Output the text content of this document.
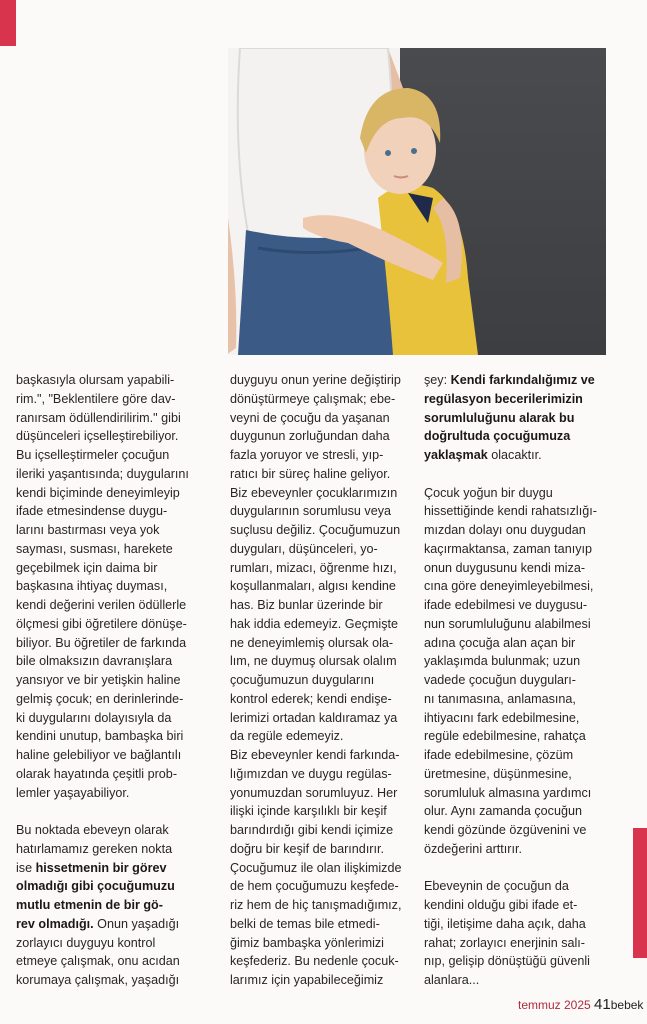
başkasıyla olursam yapabili-
rim.", "Beklentilere göre dav-
ranırsam ödüllendirilirim." gibi
düşünceleri içselleştirebiliyor.
Bu içselleştirmeler çocuğun
ileriki yaşantısında; duygularını
kendi biçiminde deneyimleyip
ifade etmesindense duygu-
larını bastırması veya yok
sayması, susması, harekete
geçebilmek için daima bir
başkasına ihtiyaç duyması,
kendi değerini verilen ödüllerle
ölçmesi gibi öğretilere dönüşe-
biliyor. Bu öğretiler de farkında
bile olmaksızın davranışlara
yansıyor ve bir yetişkin haline
gelmiş çocuk; en derinlerinde-
ki duygularını dolayısıyla da
kendini unutup, bambaşka biri
haline gelebiliyor ve bağlantılı
olarak hayatında çeşitli prob-
lemler yaşayabiliyor.
Bu noktada ebeveyn olarak
hatırlamamız gereken nokta
ise hissetmenin bir görev
olmadığı gibi çocuğumuzu
mutlu etmenin de bir gö-
rev olmadığı. Onun yaşadığı
zorlayıcı duyguyu kontrol
etmeye çalışmak, onu acıdan
korumaya çalışmak, yaşadığı
duyguyu onun yerine değiştirip
dönüştürmeye çalışmak; ebe-
veyni de çocuğu da yaşanan
duygunun zorluğundan daha
fazla yoruyor ve stresli, yıp-
ratıcı bir süreç haline geliyor.
Biz ebeveynler çocuklarımızın
duygularının sorumlusu veya
suçlusu değiliz. Çocuğumuzun
duyguları, düşünceleri, yo-
rumları, mizacı, öğrenme hızı,
koşullanmaları, algısı kendine
has. Biz bunlar üzerinde bir
hak iddia edemeyiz. Geçmişte
ne deneyimlemiş olursak ola-
lım, ne duymuş olursak olalım
çocuğumuzun duygularını
kontrol ederek; kendi endişe-
lerimizi ortadan kaldıramaz ya
da regüle edemeyiz.
Biz ebeveynler kendi farkında-
lığımızdan ve duygu regülas-
yonumuzdan sorumluyuz. Her
ilişki içinde karşılıklı bir keşif
barındırdığı gibi kendi içimize
doğru bir keşif de barındırır.
Çocuğumuz ile olan ilişkimizde
de hem çocuğumuzu keşfede-
riz hem de hiç tanışmadığımız,
belki de temas bile etmedi-
ğimiz bambaşka yönlerimizi
keşfederiz. Bu nedenle çocuk-
larımız için yapabileceğimiz
şey: Kendi farkındalığımız ve
regülasyon becerilerimizin
sorumluluğunu alarak bu
doğrultuda çocuğumuza
yaklaşmak olacaktır.
Çocuk yoğun bir duygu
hissettiğinde kendi rahatsızlığı-
mızdan dolayı onu duygudan
kaçırmaktansa, zaman tanıyıp
onun duygusunu kendi miza-
cına göre deneyimleyebilmesi,
ifade edebilmesi ve duygusu-
nun sorumluluğunu alabilmesi
adına çocuğa alan açan bir
yaklaşımda bulunmak; uzun
vadede çocuğun duyguları-
nı tanımasına, anlamasına,
ihtiyacını fark edebilmesine,
regüle edebilmesine, rahatça
ifade edebilmesine, çözüm
üretmesine, düşünmesine,
sorumluluk almasına yardımcı
olur. Aynı zamanda çocuğun
kendi gözünde özgüvenini ve
özdeğerini arttırır.
Ebeveynin de çocuğun da
kendini olduğu gibi ifade et-
tiği, iletişime daha açık, daha
rahat; zorlayıcı enerjinin salı-
nıp, gelişip dönüştüğü güvenli
alanlara...
temmuz 2025 41bebek
